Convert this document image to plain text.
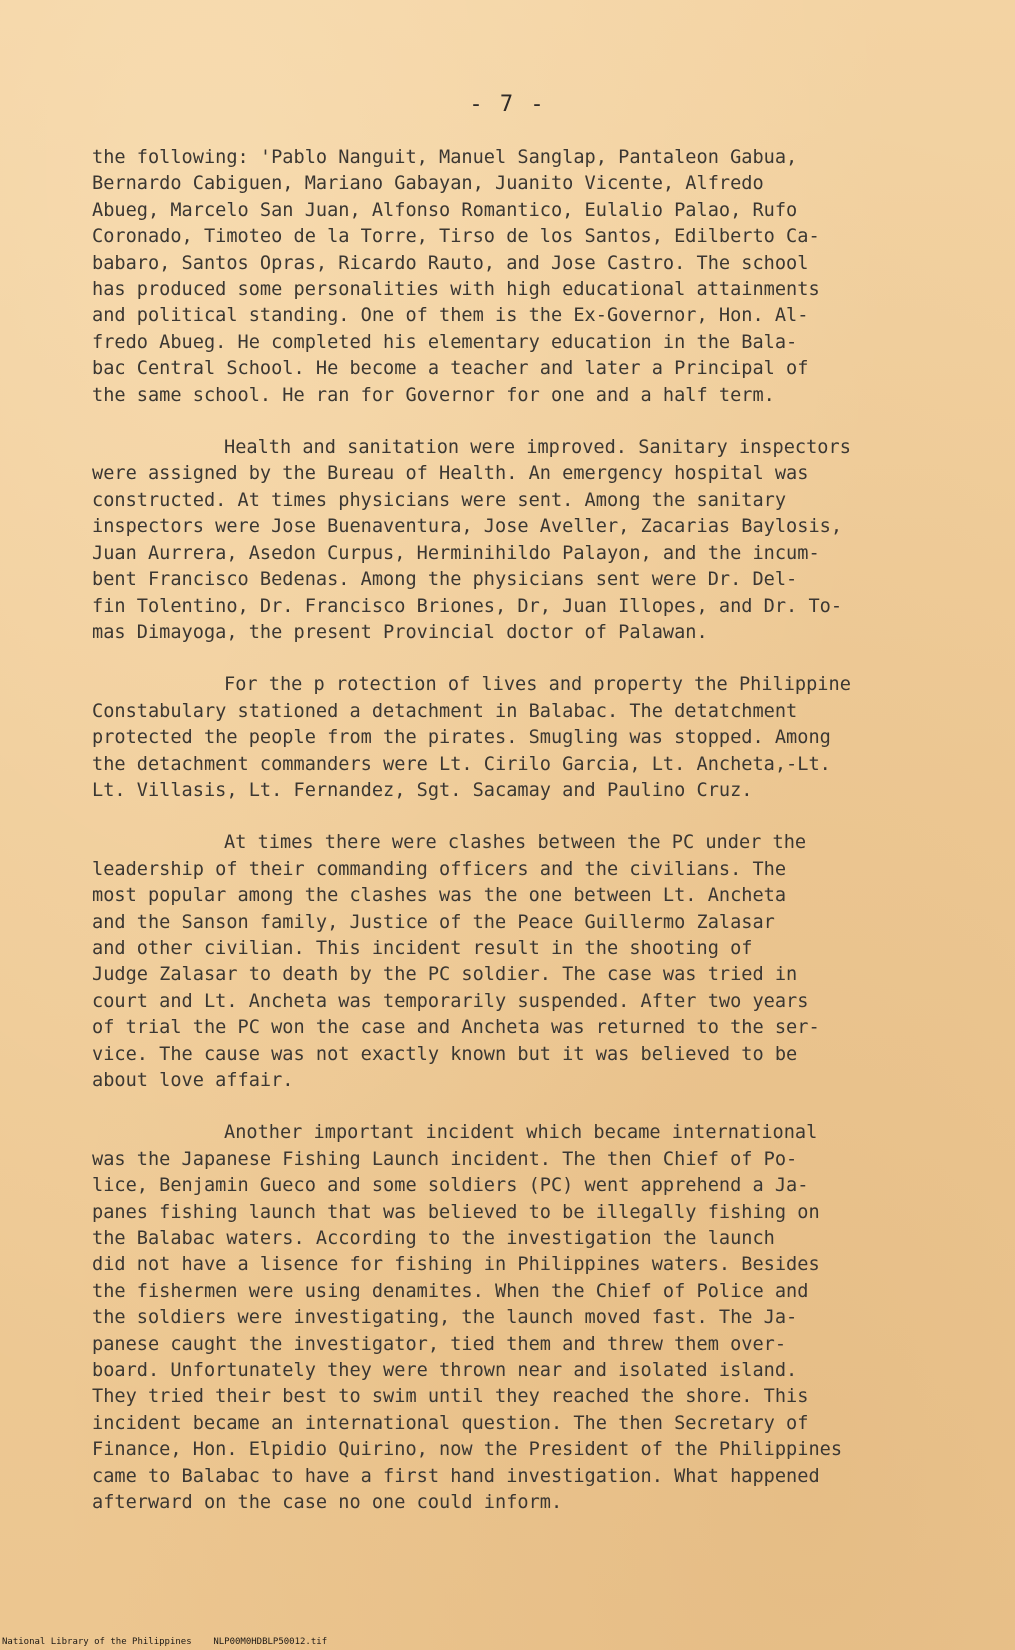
- 7 -
the following: 'Pablo Nanguit, Manuel Sanglap, Pantaleon Gabua,
Bernardo Cabiguen, Mariano Gabayan, Juanito Vicente, Alfredo
Abueg, Marcelo San Juan, Alfonso Romantico, Eulalio Palao, Rufo
Coronado, Timoteo de la Torre, Tirso de los Santos, Edilberto Ca-
babaro, Santos Opras, Ricardo Rauto, and Jose Castro. The school
has produced some personalities with high educational attainments
and political standing. One of them is the Ex-Governor, Hon. Al-
fredo Abueg. He completed his elementary education in the Bala-
bac Central School. He become a teacher and later a Principal of
the same school. He ran for Governor for one and a half term.
Health and sanitation were improved. Sanitary inspectors
were assigned by the Bureau of Health. An emergency hospital was
constructed. At times physicians were sent. Among the sanitary
inspectors were Jose Buenaventura, Jose Aveller, Zacarias Baylosis,
Juan Aurrera, Asedon Curpus, Herminihildo Palayon, and the incum-
bent Francisco Bedenas. Among the physicians sent were Dr. Del-
fin Tolentino, Dr. Francisco Briones, Dr, Juan Illopes, and Dr. To-
mas Dimayoga, the present Provincial doctor of Palawan.
For the p rotection of lives and property the Philippine
Constabulary stationed a detachment in Balabac. The detatchment
protected the people from the pirates. Smugling was stopped. Among
the detachment commanders were Lt. Cirilo Garcia, Lt. Ancheta,-Lt.
Lt. Villasis, Lt. Fernandez, Sgt. Sacamay and Paulino Cruz.
At times there were clashes between the PC under the
leadership of their commanding officers and the civilians. The
most popular among the clashes was the one between Lt. Ancheta
and the Sanson family, Justice of the Peace Guillermo Zalasar
and other civilian. This incident result in the shooting of
Judge Zalasar to death by the PC soldier. The case was tried in
court and Lt. Ancheta was temporarily suspended. After two years
of trial the PC won the case and Ancheta was returned to the ser-
vice. The cause was not exactly known but it was believed to be
about love affair.
Another important incident which became international
was the Japanese Fishing Launch incident. The then Chief of Po-
lice, Benjamin Gueco and some soldiers (PC) went apprehend a Ja-
panes fishing launch that was believed to be illegally fishing on
the Balabac waters. According to the investigation the launch
did not have a lisence for fishing in Philippines waters. Besides
the fishermen were using denamites. When the Chief of Police and
the soldiers were investigating, the launch moved fast. The Ja-
panese caught the investigator, tied them and threw them over-
board. Unfortunately they were thrown near and isolated island.
They tried their best to swim until they reached the shore. This
incident became an international question. The then Secretary of
Finance, Hon. Elpidio Quirino, now the President of the Philippines
came to Balabac to have a first hand investigation. What happened
afterward on the case no one could inform.
National Library of the Philippines    NLP00M0HDBLP50012.tif
